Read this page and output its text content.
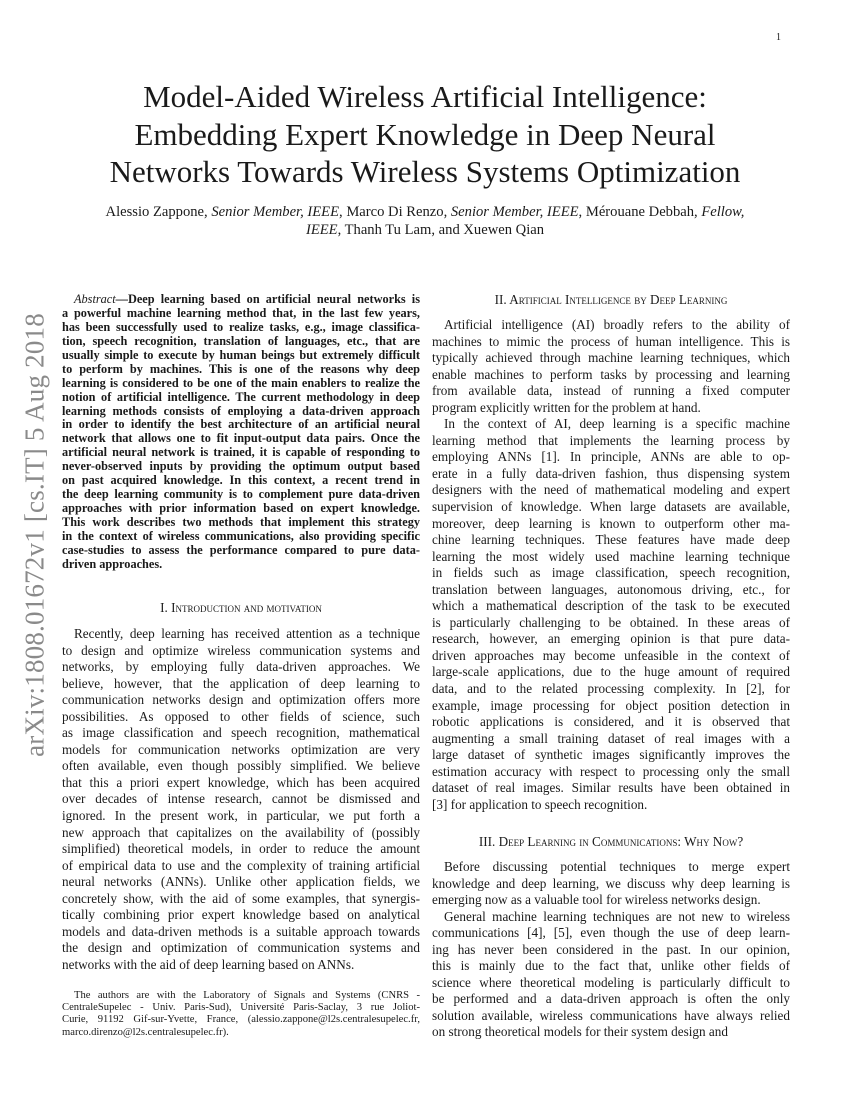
1
arXiv:1808.01672v1 [cs.IT] 5 Aug 2018
Model-Aided Wireless Artificial Intelligence:
Embedding Expert Knowledge in Deep Neural
Networks Towards Wireless Systems Optimization
Alessio Zappone, Senior Member, IEEE, Marco Di Renzo, Senior Member, IEEE, Mérouane Debbah, Fellow,
IEEE, Thanh Tu Lam, and Xuewen Qian
Abstract—Deep learning based on artificial neural networks is
a powerful machine learning method that, in the last few years,
has been successfully used to realize tasks, e.g., image classifica-
tion, speech recognition, translation of languages, etc., that are
usually simple to execute by human beings but extremely difficult
to perform by machines. This is one of the reasons why deep
learning is considered to be one of the main enablers to realize the
notion of artificial intelligence. The current methodology in deep
learning methods consists of employing a data-driven approach
in order to identify the best architecture of an artificial neural
network that allows one to fit input-output data pairs. Once the
artificial neural network is trained, it is capable of responding to
never-observed inputs by providing the optimum output based
on past acquired knowledge. In this context, a recent trend in
the deep learning community is to complement pure data-driven
approaches with prior information based on expert knowledge.
This work describes two methods that implement this strategy
in the context of wireless communications, also providing specific
case-studies to assess the performance compared to pure data-
driven approaches.
I. Introduction and motivation
Recently, deep learning has received attention as a technique
to design and optimize wireless communication systems and
networks, by employing fully data-driven approaches. We
believe, however, that the application of deep learning to
communication networks design and optimization offers more
possibilities. As opposed to other fields of science, such
as image classification and speech recognition, mathematical
models for communication networks optimization are very
often available, even though possibly simplified. We believe
that this a priori expert knowledge, which has been acquired
over decades of intense research, cannot be dismissed and
ignored. In the present work, in particular, we put forth a
new approach that capitalizes on the availability of (possibly
simplified) theoretical models, in order to reduce the amount
of empirical data to use and the complexity of training artificial
neural networks (ANNs). Unlike other application fields, we
concretely show, with the aid of some examples, that synergis-
tically combining prior expert knowledge based on analytical
models and data-driven methods is a suitable approach towards
the design and optimization of communication systems and
networks with the aid of deep learning based on ANNs.
The authors are with the Laboratory of Signals and Systems (CNRS -
CentraleSupelec - Univ. Paris-Sud), Université Paris-Saclay, 3 rue Joliot-
Curie, 91192 Gif-sur-Yvette, France, (alessio.zappone@l2s.centralesupelec.fr,
marco.direnzo@l2s.centralesupelec.fr).
II. Artificial Intelligence by Deep Learning
Artificial intelligence (AI) broadly refers to the ability of
machines to mimic the process of human intelligence. This is
typically achieved through machine learning techniques, which
enable machines to perform tasks by processing and learning
from available data, instead of running a fixed computer
program explicitly written for the problem at hand.
In the context of AI, deep learning is a specific machine
learning method that implements the learning process by
employing ANNs [1]. In principle, ANNs are able to op-
erate in a fully data-driven fashion, thus dispensing system
designers with the need of mathematical modeling and expert
supervision of knowledge. When large datasets are available,
moreover, deep learning is known to outperform other ma-
chine learning techniques. These features have made deep
learning the most widely used machine learning technique
in fields such as image classification, speech recognition,
translation between languages, autonomous driving, etc., for
which a mathematical description of the task to be executed
is particularly challenging to be obtained. In these areas of
research, however, an emerging opinion is that pure data-
driven approaches may become unfeasible in the context of
large-scale applications, due to the huge amount of required
data, and to the related processing complexity. In [2], for
example, image processing for object position detection in
robotic applications is considered, and it is observed that
augmenting a small training dataset of real images with a
large dataset of synthetic images significantly improves the
estimation accuracy with respect to processing only the small
dataset of real images. Similar results have been obtained in
[3] for application to speech recognition.
III. Deep Learning in Communications: Why Now?
Before discussing potential techniques to merge expert
knowledge and deep learning, we discuss why deep learning is
emerging now as a valuable tool for wireless networks design.
General machine learning techniques are not new to wireless
communications [4], [5], even though the use of deep learn-
ing has never been considered in the past. In our opinion,
this is mainly due to the fact that, unlike other fields of
science where theoretical modeling is particularly difficult to
be performed and a data-driven approach is often the only
solution available, wireless communications have always relied
on strong theoretical models for their system design and
